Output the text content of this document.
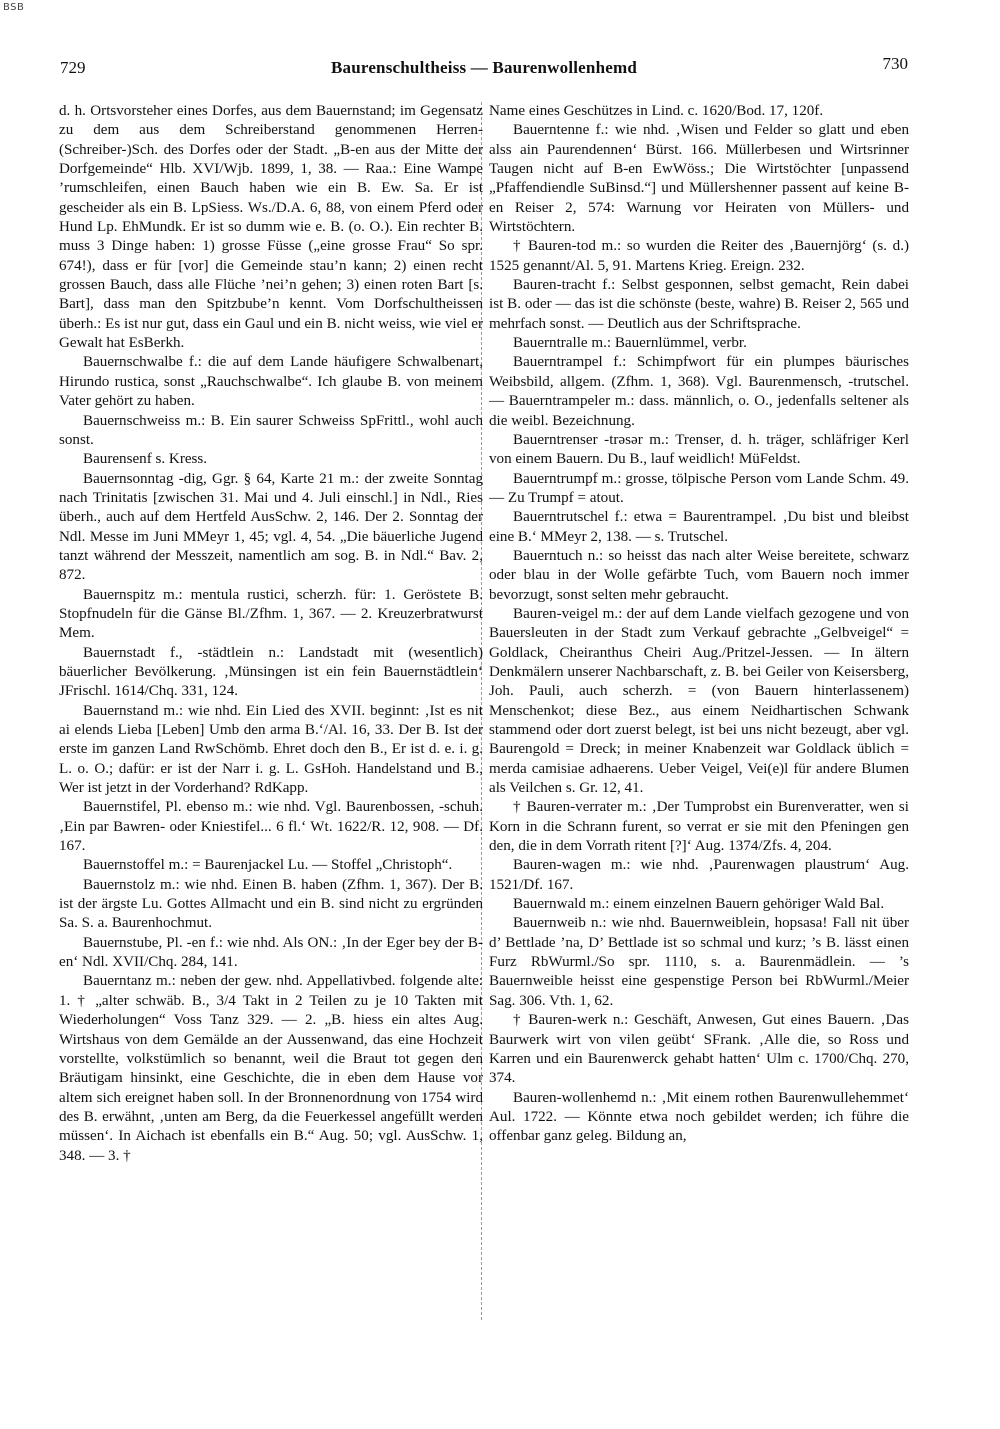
BSB
729	Baurenschultheiss — Baurenwollenhemd	730

d. h. Ortsvorsteher eines Dorfes, aus dem Bauernstand; im Gegensatz zu dem aus dem Schreiberstand genommenen Herren-(Schreiber-)Sch. des Dorfes oder der Stadt. „B-en aus der Mitte der Dorfgemeinde“ Hlb. XVI/Wjb. 1899, 1, 38. — Raa.: Eine Wampe ’rumschleifen, einen Bauch haben wie ein B. Ew. Sa. Er ist gescheider als ein B. LpSiess. Ws./D.A. 6, 88, von einem Pferd oder Hund Lp. EhMundk. Er ist so dumm wie e. B. (o. O.). Ein rechter B. muss 3 Dinge haben: 1) grosse Füsse („eine grosse Frau“ So spr. 674!), dass er für [vor] die Gemeinde stau’n kann; 2) einen recht grossen Bauch, dass alle Flüche ’nei’n gehen; 3) einen roten Bart [s. Bart], dass man den Spitzbube’n kennt. Vom Dorfschultheissen überh.: Es ist nur gut, dass ein Gaul und ein B. nicht weiss, wie viel er Gewalt hat EsBerkh.

Bauernschwalbe f.: die auf dem Lande häufigere Schwalbenart, Hirundo rustica, sonst „Rauchschwalbe“. Ich glaube B. von meinem Vater gehört zu haben.

Bauernschweiss m.: B. Ein saurer Schweiss SpFrittl., wohl auch sonst.

Baurensenf s. Kress.

Bauernsonntag -dig, Ggr. § 64, Karte 21 m.: der zweite Sonntag nach Trinitatis [zwischen 31. Mai und 4. Juli einschl.] in Ndl., Ries überh., auch auf dem Hertfeld AusSchw. 2, 146. Der 2. Sonntag der Ndl. Messe im Juni MMeyr 1, 45; vgl. 4, 54. „Die bäuerliche Jugend tanzt während der Messzeit, namentlich am sog. B. in Ndl.“ Bav. 2, 872.

Bauernspitz m.: mentula rustici, scherzh. für: 1. Geröstete B. Stopfnudeln für die Gänse Bl./Zfhm. 1, 367. — 2. Kreuzerbratwurst Mem.

Bauernstadt f., -städtlein n.: Landstadt mit (wesentlich) bäuerlicher Bevölkerung. ‚Münsingen ist ein fein Bauernstädtlein‘ JFrischl. 1614/Chq. 331, 124.

Bauernstand m.: wie nhd. Ein Lied des XVII. beginnt: ‚Ist es nit ai elends Lieba [Leben] Umb den arma B.‘/Al. 16, 33. Der B. Ist der erste im ganzen Land RwSchömb. Ehret doch den B., Er ist d. e. i. g. L. o. O.; dafür: er ist der Narr i. g. L. GsHoh. Handelstand und B., Wer ist jetzt in der Vorderhand? RdKapp.

Bauernstifel, Pl. ebenso m.: wie nhd. Vgl. Baurenbossen, -schuh. ‚Ein par Bawren- oder Kniestifel... 6 fl.‘ Wt. 1622/R. 12, 908. — Df. 167.

Bauernstoffel m.: = Baurenjackel Lu. — Stoffel „Christoph“.

Bauernstolz m.: wie nhd. Einen B. haben (Zfhm. 1, 367). Der B. ist der ärgste Lu. Gottes Allmacht und ein B. sind nicht zu ergründen Sa. S. a. Baurenhochmut.

Bauernstube, Pl. -en f.: wie nhd. Als ON.: ‚In der Eger bey der B-en‘ Ndl. XVII/Chq. 284, 141.

Bauerntanz m.: neben der gew. nhd. Appellativbed. folgende alte: 1. † „alter schwäb. B., 3/4 Takt in 2 Teilen zu je 10 Takten mit Wiederholungen“ Voss Tanz 329. — 2. „B. hiess ein altes Aug. Wirtshaus von dem Gemälde an der Aussenwand, das eine Hochzeit vorstellte, volkstümlich so benannt, weil die Braut tot gegen den Bräutigam hinsinkt, eine Geschichte, die in eben dem Hause vor altem sich ereignet haben soll. In der Bronnenordnung von 1754 wird des B. erwähnt, ‚unten am Berg, da die Feuerkessel angefüllt werden müssen‘. In Aichach ist ebenfalls ein B.“ Aug. 50; vgl. AusSchw. 1, 348. — 3. †

Name eines Geschützes in Lind. c. 1620/Bod. 17, 120f.

Bauerntenne f.: wie nhd. ‚Wisen und Felder so glatt und eben alss ain Paurendennen‘ Bürst. 166. Müllerbesen und Wirtsrinner Taugen nicht auf B-en EwWöss.; Die Wirtstöchter [unpassend „Pfaffendiendle SuBinsd.“] und Müllershenner passent auf keine B-en Reiser 2, 574: Warnung vor Heiraten von Müllers- und Wirtstöchtern.

† Bauren-tod m.: so wurden die Reiter des ‚Bauernjörg‘ (s. d.) 1525 genannt/Al. 5, 91. Martens Krieg. Ereign. 232.

Bauren-tracht f.: Selbst gesponnen, selbst gemacht, Rein dabei ist B. oder — das ist die schönste (beste, wahre) B. Reiser 2, 565 und mehrfach sonst. — Deutlich aus der Schriftsprache.

Bauerntralle m.: Bauernlümmel, verbr.

Bauerntrampel f.: Schimpfwort für ein plumpes bäurisches Weibsbild, allgem. (Zfhm. 1, 368). Vgl. Baurenmensch, -trutschel. — Bauerntrampeler m.: dass. männlich, o. O., jedenfalls seltener als die weibl. Bezeichnung.

Bauerntrenser -trəsər m.: Trenser, d. h. träger, schläfriger Kerl von einem Bauern. Du B., lauf weidlich! MüFeldst.

Bauerntrumpf m.: grosse, tölpische Person vom Lande Schm. 49. — Zu Trumpf = atout.

Bauerntrutschel f.: etwa = Baurentrampel. ‚Du bist und bleibst eine B.‘ MMeyr 2, 138. — s. Trutschel.

Bauerntuch n.: so heisst das nach alter Weise bereitete, schwarz oder blau in der Wolle gefärbte Tuch, vom Bauern noch immer bevorzugt, sonst selten mehr gebraucht.

Bauren-veigel m.: der auf dem Lande vielfach gezogene und von Bauersleuten in der Stadt zum Verkauf gebrachte „Gelbveigel“ = Goldlack, Cheiranthus Cheiri Aug./Pritzel-Jessen. — In ältern Denkmälern unserer Nachbarschaft, z. B. bei Geiler von Keisersberg, Joh. Pauli, auch scherzh. = (von Bauern hinterlassenem) Menschenkot; diese Bez., aus einem Neidhartischen Schwank stammend oder dort zuerst belegt, ist bei uns nicht bezeugt, aber vgl. Baurengold = Dreck; in meiner Knabenzeit war Goldlack üblich = merda camisiae adhaerens. Ueber Veigel, Vei(e)l für andere Blumen als Veilchen s. Gr. 12, 41.

† Bauren-verrater m.: ‚Der Tumprobst ein Burenveratter, wen si Korn in die Schrann furent, so verrat er sie mit den Pfeningen gen den, die in dem Vorrath ritent [?]‘ Aug. 1374/Zfs. 4, 204.

Bauren-wagen m.: wie nhd. ‚Paurenwagen plaustrum‘ Aug. 1521/Df. 167.

Bauernwald m.: einem einzelnen Bauern gehöriger Wald Bal.

Bauernweib n.: wie nhd. Bauernweiblein, hopsasa! Fall nit über d’ Bettlade ’na, D’ Bettlade ist so schmal und kurz; ’s B. lässt einen Furz RbWurml./So spr. 1110, s. a. Baurenmädlein. — ’s Bauernweible heisst eine gespenstige Person bei RbWurml./Meier Sag. 306. Vth. 1, 62.

† Bauren-werk n.: Geschäft, Anwesen, Gut eines Bauern. ‚Das Baurwerk wirt von vilen geübt‘ SFrank. ‚Alle die, so Ross und Karren und ein Baurenwerck gehabt hatten‘ Ulm c. 1700/Chq. 270, 374.

Bauren-wollenhemd n.: ‚Mit einem rothen Baurenwullehemmet‘ Aul. 1722. — Könnte etwa noch gebildet werden; ich führe die offenbar ganz geleg. Bildung an,
